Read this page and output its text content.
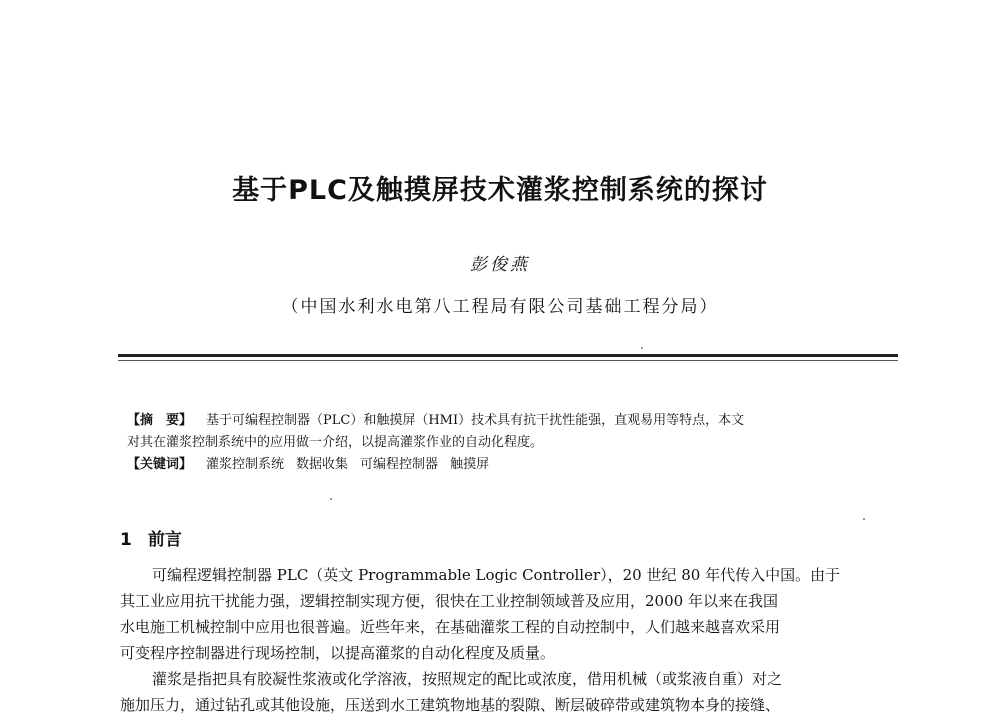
基于PLC及触摸屏技术灌浆控制系统的探讨
彭俊燕
（中国水利水电第八工程局有限公司基础工程分局）
【摘　要】 基于可编程控制器（PLC）和触摸屏（HMI）技术具有抗干扰性能强，直观易用等特点，本文
对其在灌浆控制系统中的应用做一介绍，以提高灌浆作业的自动化程度。
【关键词】 灌浆控制系统 数据收集 可编程控制器 触摸屏
1 前言

可编程逻辑控制器 PLC（英文 Programmable Logic Controller），20 世纪 80 年代传入中国。由于
其工业应用抗干扰能力强，逻辑控制实现方便，很快在工业控制领域普及应用，2000 年以来在我国
水电施工机械控制中应用也很普遍。近些年来，在基础灌浆工程的自动控制中，人们越来越喜欢采用
可变程序控制器进行现场控制，以提高灌浆的自动化程度及质量。

灌浆是指把具有胶凝性浆液或化学溶液，按照规定的配比或浓度，借用机械（或浆液自重）对之
施加压力，通过钻孔或其他设施，压送到水工建筑物地基的裂隙、断层破碎带或建筑物本身的接缝、
